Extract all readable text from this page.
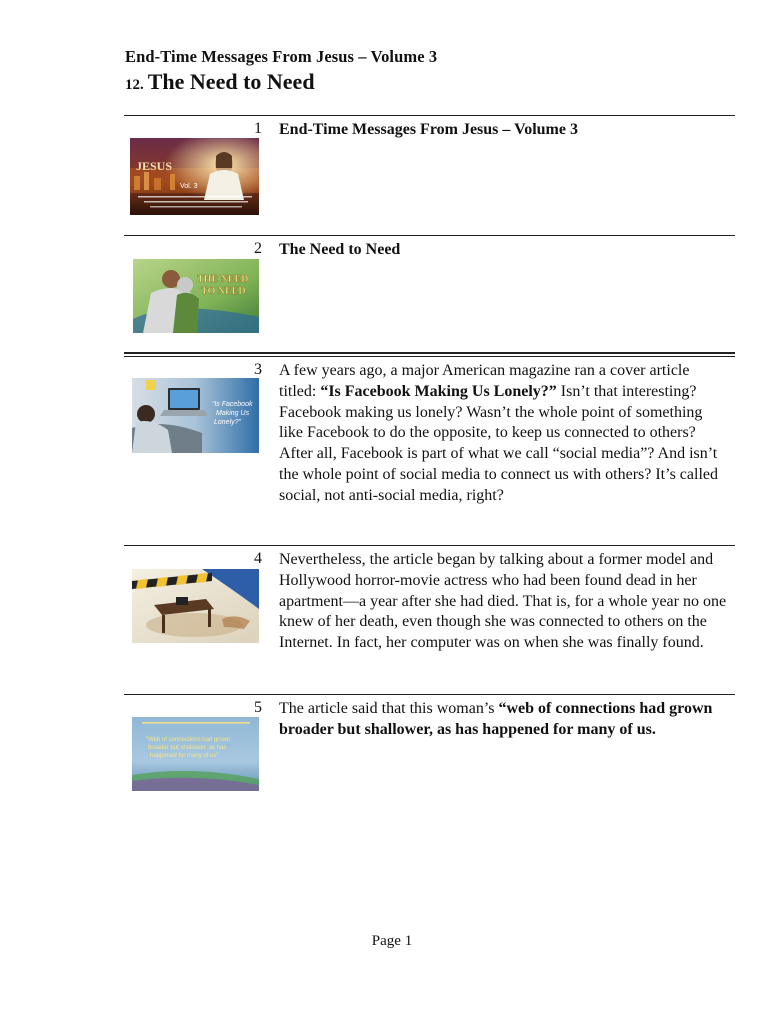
End-Time Messages From Jesus – Volume 3
12. The Need to Need
1
JESUS
Vol. 3
End-Time Messages From Jesus – Volume 3
2
THE NEED
TO NEED
The Need to Need
3
“Is Facebook
Making Us
Lonely?”
A few years ago, a major American magazine ran a cover article titled: “Is Facebook Making Us Lonely?” Isn’t that interesting? Facebook making us lonely? Wasn’t the whole point of something like Facebook to do the opposite, to keep us connected to others? After all, Facebook is part of what we call “social media”? And isn’t the whole point of social media to connect us with others? It’s called social, not anti-social media, right?
4 Nevertheless, the article began by talking about a former model and Hollywood horror-movie actress who had been found dead in her apartment—a year after she had died. That is, for a whole year no one knew of her death, even though she was connected to others on the Internet. In fact, her computer was on when she was finally found.
5
“Web of connections had grown
broader but shallower, as has
happened for many of us”
The article said that this woman’s “web of connections had grown broader but shallower, as has happened for many of us.
Page 1
